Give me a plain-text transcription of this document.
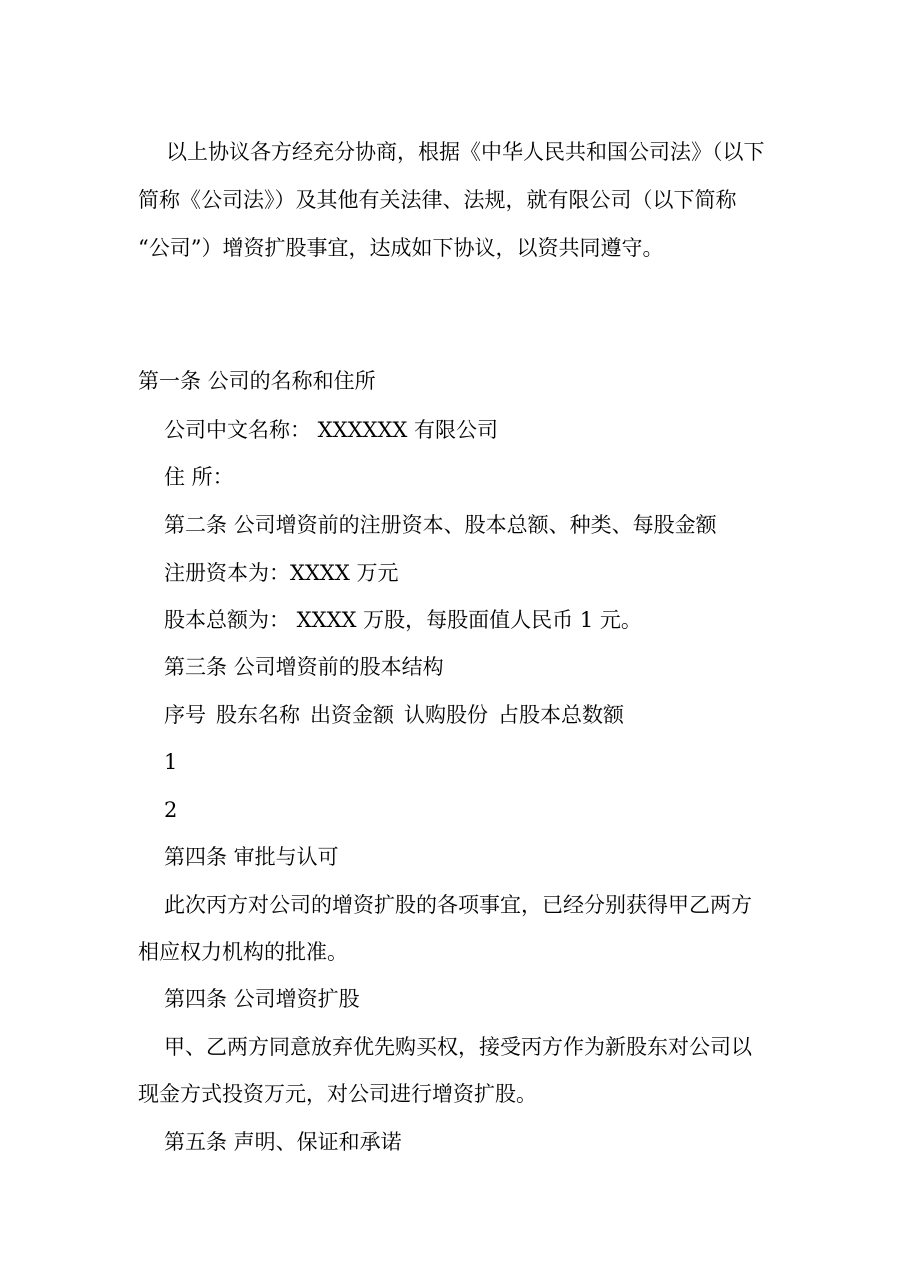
以上协议各方经充分协商，根据《中华人民共和国公司法》（以下
简称《公司法》）及其他有关法律、法规，就有限公司（以下简称
“公司”）增资扩股事宜，达成如下协议，以资共同遵守。
第一条 公司的名称和住所
公司中文名称： XXXXXX 有限公司
住 所：
第二条 公司增资前的注册资本、股本总额、种类、每股金额
注册资本为：XXXX 万元
股本总额为： XXXX 万股，每股面值人民币 1 元。
第三条 公司增资前的股本结构
序号 股东名称 出资金额 认购股份 占股本总数额
1
2
第四条 审批与认可
此次丙方对公司的增资扩股的各项事宜，已经分别获得甲乙两方
相应权力机构的批准。
第四条 公司增资扩股
甲、乙两方同意放弃优先购买权，接受丙方作为新股东对公司以
现金方式投资万元，对公司进行增资扩股。
第五条 声明、保证和承诺
